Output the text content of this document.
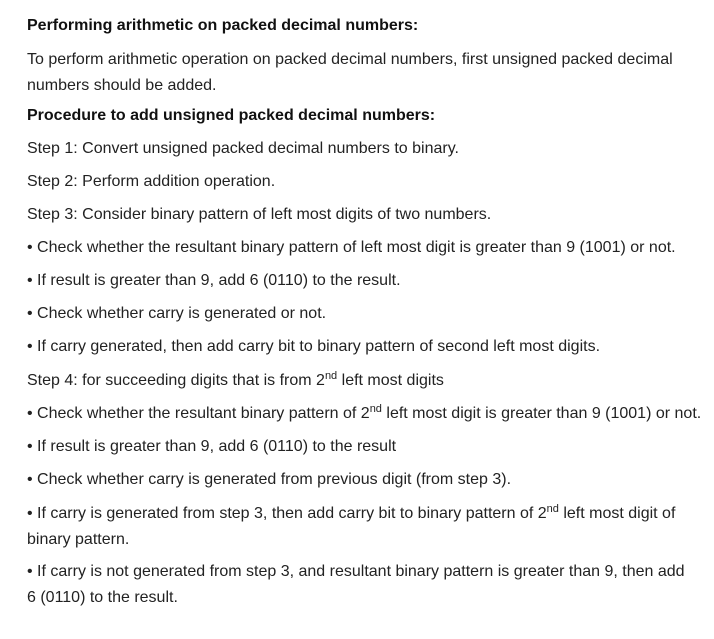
Performing arithmetic on packed decimal numbers:

To perform arithmetic operation on packed decimal numbers, first unsigned packed decimal numbers should be added.

Procedure to add unsigned packed decimal numbers:

Step 1: Convert unsigned packed decimal numbers to binary.

Step 2: Perform addition operation.

Step 3: Consider binary pattern of left most digits of two numbers.

• Check whether the resultant binary pattern of left most digit is greater than 9 (1001) or not.

• If result is greater than 9, add 6 (0110) to the result.

• Check whether carry is generated or not.

• If carry generated, then add carry bit to binary pattern of second left most digits.

Step 4: for succeeding digits that is from 2nd left most digits

• Check whether the resultant binary pattern of 2nd left most digit is greater than 9 (1001) or not.

• If result is greater than 9, add 6 (0110) to the result

• Check whether carry is generated from previous digit (from step 3).

• If carry is generated from step 3, then add carry bit to binary pattern of 2nd left most digit of binary pattern.

• If carry is not generated from step 3, and resultant binary pattern is greater than 9, then add 6 (0110) to the result.
